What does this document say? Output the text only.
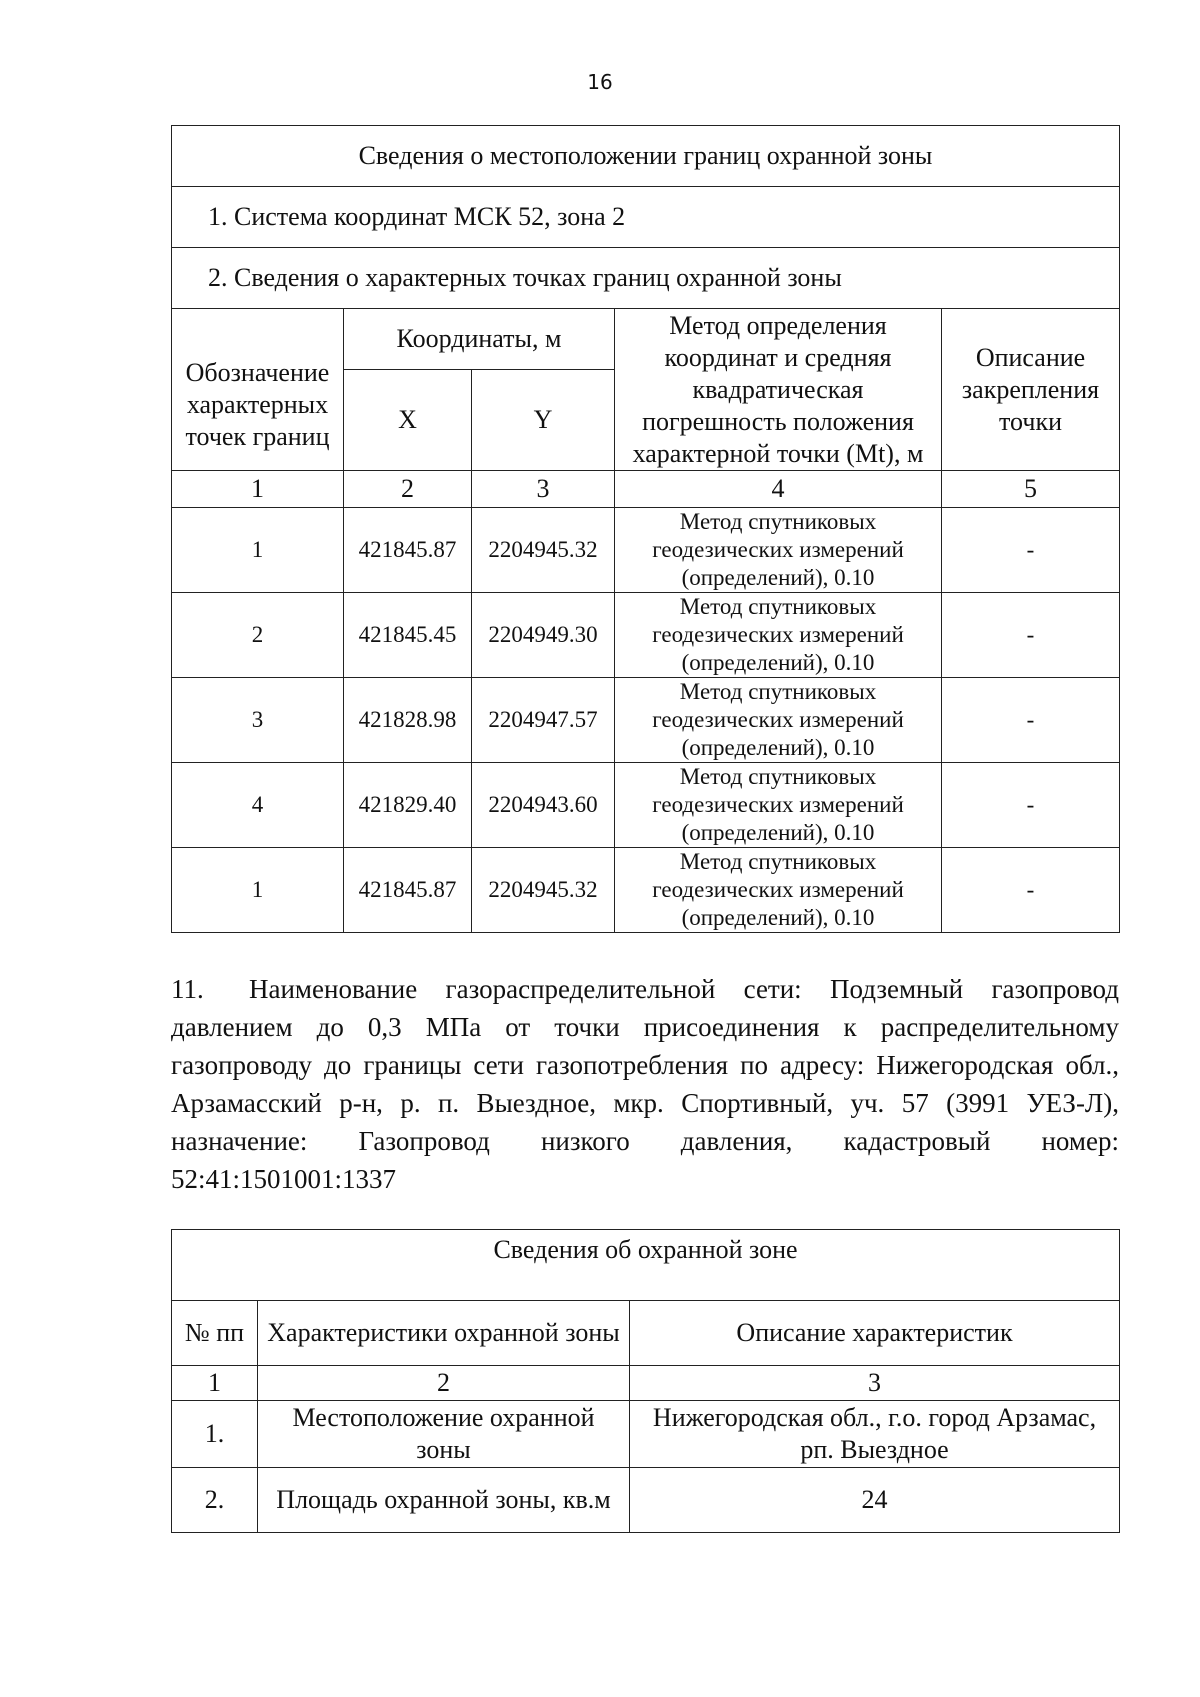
16
Сведения о местоположении границ охранной зоны				
1. Система координат МСК 52, зона 2				
2. Сведения о характерных точках границ охранной зоны				
Обозначение характерных точек границ	Координаты, м		Метод определения координат и средняя квадратическая погрешность положения характерной точки (Mt), м	Описание закрепления точки
	X	Y		
1	2	3	4	5
1	421845.87	2204945.32	Метод спутниковых геодезических измерений (определений), 0.10	-
2	421845.45	2204949.30	Метод спутниковых геодезических измерений (определений), 0.10	-
3	421828.98	2204947.57	Метод спутниковых геодезических измерений (определений), 0.10	-
4	421829.40	2204943.60	Метод спутниковых геодезических измерений (определений), 0.10	-
1	421845.87	2204945.32	Метод спутниковых геодезических измерений (определений), 0.10	-
11. Наименование газораспределительной сети: Подземный газопровод давлением до 0,3 МПа от точки присоединения к распределительному газопроводу до границы сети газопотребления по адресу: Нижегородская обл., Арзамасский р-н, р. п. Выездное, мкр. Спортивный, уч. 57 (3991 УЕЗ-Л), назначение: Газопровод низкого давления, кадастровый номер: 52:41:1501001:1337
Сведения об охранной зоне		
№ пп	Характеристики охранной зоны	Описание характеристик
1	2	3
1.	Местоположение охранной зоны	Нижегородская обл., г.о. город Арзамас, рп. Выездное
2.	Площадь охранной зоны, кв.м	24
